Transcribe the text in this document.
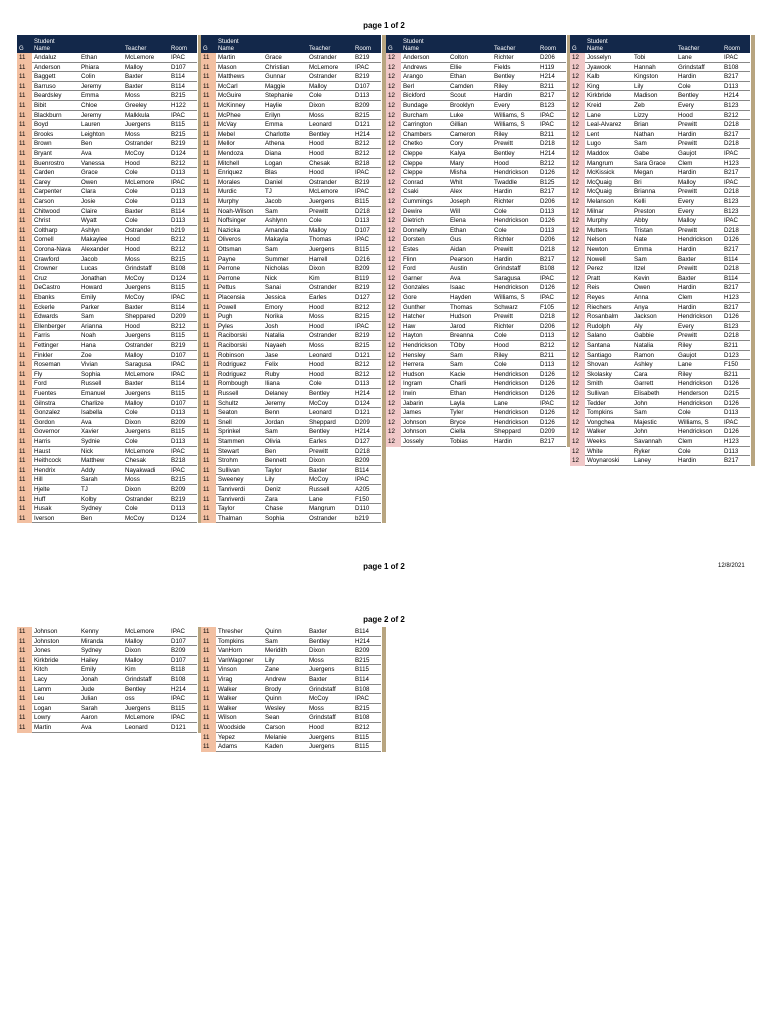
page 1 of 2
G
Student
Name	Teacher	Room
11	Andaluz	Ethan	McLemore	IPAC
11	Anderson	Phiara	Malloy	D107
11	Baggett	Colin	Baxter	B114
11	Barruso	Jeremy	Baxter	B114
11	Beardsley	Emma	Moss	B215
11	Bibit	Chloe	Greeley	H122
11	Blackburn	Jeremy	Malkkula	IPAC
11	Boyd	Lauren	Juergens	B115
11	Brooks	Leighton	Moss	B215
11	Brown	Ben	Ostrander	B219
11	Bryant	Ava	McCoy	D124
11	Buenrostro	Vanessa	Hood	B212
11	Carden	Grace	Cole	D113
11	Carey	Owen	McLemore	IPAC
11	Carpenter	Clara	Cole	D113
11	Carson	Josie	Cole	D113
11	Chitwood	Claire	Baxter	B114
11	Christ	Wyatt	Cole	D113
11	Coltharp	Ashlyn	Ostrander	b219
11	Cornell	Makaylee	Hood	B212
11	Corona-Nava	Alexander	Hood	B212
11	Crawford	Jacob	Moss	B215
11	Crowner	Lucas	Grindstaff	B108
11	Cruz	Jonathan	McCoy	D124
11	DeCastro	Howard	Juergens	B115
11	Ebanks	Emily	McCoy	IPAC
11	Eckerle	Parker	Baxter	B114
11	Edwards	Sam	Sheppared	D209
11	Ellenberger	Arianna	Hood	B212
11	Farris	Noah	Juergens	B115
11	Fettinger	Hana	Ostrander	B219
11	Finkler	Zoe	Malloy	D107
11	Roseman	Vivian	Saragusa	IPAC
11	Fly	Sophia	McLemore	IPAC
11	Ford	Russell	Baxter	B114
11	Fuentes	Emanuel	Juergens	B115
11	Gilnstra	Charlize	Malloy	D107
11	Gonzalez	Isabella	Cole	D113
11	Gordon	Ava	Dixon	B209
11	Governor	Xavier	Juergens	B115
11	Harris	Sydnie	Cole	D113
11	Haust	Nick	McLemore	IPAC
11	Heithcock	Matthew	Chesak	B218
11	Hendrix	Addy	Nayakwadi	IPAC
11	Hill	Sarah	Moss	B215
11	Hjelte	TJ	Dixon	B209
11	Huff	Kolby	Ostrander	B219
11	Husak	Sydney	Cole	D113
11	Iverson	Ben	McCoy	D124
G
Student
Name	Teacher	Room
11	Martin	Grace	Ostrander	B219
11	Mason	Christian	McLemore	IPAC
11	Matthews	Gunnar	Ostrander	B219
11	McCarl	Maggie	Malloy	D107
11	McGuire	Stephanie	Cole	D113
11	McKinney	Haylie	Dixon	B209
11	McPhee	Erilyn	Moss	B215
11	McVay	Emma	Leonard	D121
11	Mebel	Charlotte	Bentley	H214
11	Mellor	Athena	Hood	B212
11	Mendoza	Diana	Hood	B212
11	Mitchell	Logan	Chesak	B218
11	Enriquez	Blas	Hood	IPAC
11	Morales	Daniel	Ostrander	B219
11	Murdic	TJ	McLemore	IPAC
11	Murphy	Jacob	Juergens	B115
11	Noah-Wilson	Sam	Prewitt	D218
11	Noffsinger	Ashlynn	Cole	D113
11	Nazicka	Amanda	Malloy	D107
11	Oliveros	Makayla	Thomas	IPAC
11	Ottsman	Sam	Juergens	B115
11	Payne	Summer	Harrell	D216
11	Perrone	Nicholas	Dixon	B209
11	Perrone	Nick	Kim	B119
11	Pettus	Sanai	Ostrander	B219
11	Placensia	Jessica	Earles	D127
11	Powell	Emory	Hood	B212
11	Pugh	Norika	Moss	B215
11	Pyles	Josh	Hood	IPAC
11	Raciborski	Natalia	Ostrander	B219
11	Raciborski	Nayaeh	Moss	B215
11	Robinson	Jase	Leonard	D121
11	Rodriguez	Felix	Hood	B212
11	Rodriguez	Ruby	Hood	B212
11	Rombough	Iliana	Cole	D113
11	Russell	Delaney	Bentley	H214
11	Schultz	Jeremy	McCoy	D124
11	Seaton	Benn	Leonard	D121
11	Snell	Jordan	Sheppard	D209
11	Sprinkel	Sam	Bentley	H214
11	Stammen	Olivia	Earles	D127
11	Stewart	Ben	Prewitt	D218
11	Strohm	Bennett	Dixon	B209
11	Sullivan	Taylor	Baxter	B114
11	Sweeney	Lily	McCoy	IPAC
11	Tanriverdi	Deniz	Russell	A205
11	Tanriverdi	Zara	Lane	F150
11	Taylor	Chase	Mangrum	D110
11	Thalman	Sophia	Ostrander	b219
G
Student
Name	Teacher	Room
12	Anderson	Colton	Richter	D206
12	Andrews	Ellie	Fields	H119
12	Arango	Ethan	Bentley	H214
12	Berl	Camden	Riley	B211
12	Bickford	Scout	Hardin	B217
12	Bundage	Brooklyn	Every	B123
12	Burcham	Luke	Williams, S	IPAC
12	Carrington	Gillian	Williams, S	IPAC
12	Chambers	Cameron	Riley	B211
12	Chetko	Cory	Prewitt	D218
12	Cleppe	Kalya	Bentley	H214
12	Cleppe	Mary	Hood	B212
12	Cleppe	Misha	Hendrickson	D126
12	Conrad	Whit	Twaddle	B125
12	Csaki	Alex	Hardin	B217
12	Cummings	Joseph	Richter	D206
12	Dewire	Will	Cole	D113
12	Dietrich	Elena	Hendrickson	D126
12	Donnelly	Ethan	Cole	D113
12	Dorsten	Gus	Richter	D206
12	Estes	Aidan	Prewitt	D218
12	Flinn	Pearson	Hardin	B217
12	Ford	Austin	Grindstaff	B108
12	Garner	Ava	Saragusa	IPAC
12	Gonzales	Isaac	Hendrickson	D126
12	Gore	Hayden	Williams, S	IPAC
12	Gunther	Thomas	Schwarz	F105
12	Hatcher	Hudson	Prewitt	D218
12	Haw	Jarod	Richter	D206
12	Hayton	Breanna	Cole	D113
12	Hendrickson	TOby	Hood	B212
12	Hensley	Sam	Riley	B211
12	Herrera	Sam	Cole	D113
12	Hudson	Kacie	Hendrickson	D126
12	Ingram	Charli	Hendrickson	D126
12	Irwin	Ethan	Hendrickson	D126
12	Jabarin	Layla	Lane	IPAC
12	James	Tyler	Hendrickson	D126
12	Johnson	Bryce	Hendrickson	D126
12	Johnson	Ciella	Sheppard	D209
12	Jossely	Tobias	Hardin	B217
G
Student
Name	Teacher	Room
12	Josselyn	Tobi	Lane	IPAC
12	Jyawook	Hannah	Grindstaff	B108
12	Kalb	Kingston	Hardin	B217
12	King	Lily	Cole	D113
12	Kirkbride	Madison	Bentley	H214
12	Kreid	Zeb	Every	B123
12	Lane	Lizzy	Hood	B212
12	Leal-Alvarez	Brian	Prewitt	D218
12	Lent	Nathan	Hardin	B217
12	Lugo	Sam	Prewitt	D218
12	Maddox	Gabe	Gaujot	IPAC
12	Mangrum	Sara Grace	Clem	H123
12	McKissick	Megan	Hardin	B217
12	McQuaig	Bri	Malloy	IPAC
12	McQuaig	Brianna	Prewitt	D218
12	Melanson	Kelli	Every	B123
12	Milnar	Preston	Every	B123
12	Murphy	Abby	Malloy	IPAC
12	Mutters	Tristan	Prewitt	D218
12	Nelson	Nate	Hendrickson	D126
12	Newton	Emma	Hardin	B217
12	Nowell	Sam	Baxter	B114
12	Perez	Itzel	Prewitt	D218
12	Pratt	Kevin	Baxter	B114
12	Reis	Owen	Hardin	B217
12	Reyes	Anna	Clem	H123
12	Riechers	Anya	Hardin	B217
12	Rosanbalm	Jackson	Hendrickson	D126
12	Rudolph	Aly	Every	B123
12	Salano	Gabbie	Prewitt	D218
12	Santana	Natalia	Riley	B211
12	Santiago	Ramon	Gaujot	D123
12	Shovan	Ashley	Lane	F150
12	Skolasky	Cara	Riley	B211
12	Smith	Garrett	Hendrickson	D126
12	Sullivan	Elisabeth	Henderson	D215
12	Tedder	John	Hendrickson	D126
12	Tompkins	Sam	Cole	D113
12	Vongchea	Majestic	Williams, S	IPAC
12	Walker	John	Hendrickson	D126
12	Weeks	Savannah	Clem	H123
12	White	Ryker	Cole	D113
12	Woynaroski	Laney	Hardin	B217
page 1 of 2	12/8/2021
page 2 of 2
11	Johnson	Kenny	McLemore	IPAC
11	Johnston	Miranda	Malloy	D107
11	Jones	Sydney	Dixon	B209
11	Kirkbride	Hailey	Malloy	D107
11	Kitch	Emily	Kim	B118
11	Lacy	Jonah	Grindstaff	B108
11	Lamm	Jude	Bentley	H214
11	Leu	Julian	oss	IPAC
11	Logan	Sarah	Juergens	B115
11	Lowry	Aaron	McLemore	IPAC
11	Martin	Ava	Leonard	D121
11	Thresher	Quinn	Baxter	B114
11	Tompkins	Sam	Bentley	H214
11	VanHorn	Meridith	Dixon	B209
11	VanWagoner	Lily	Moss	B215
11	Vinson	Zane	Juergens	B115
11	Virag	Andrew	Baxter	B114
11	Walker	Brody	Grindstaff	B108
11	Walker	Quinn	McCoy	IPAC
11	Walker	Wesley	Moss	B215
11	Wilson	Sean	Grindstaff	B108
11	Woodside	Carson	Hood	B212
11	Yepez	Melanie	Juergens	B115
11	Adams	Kaden	Juergens	B115
